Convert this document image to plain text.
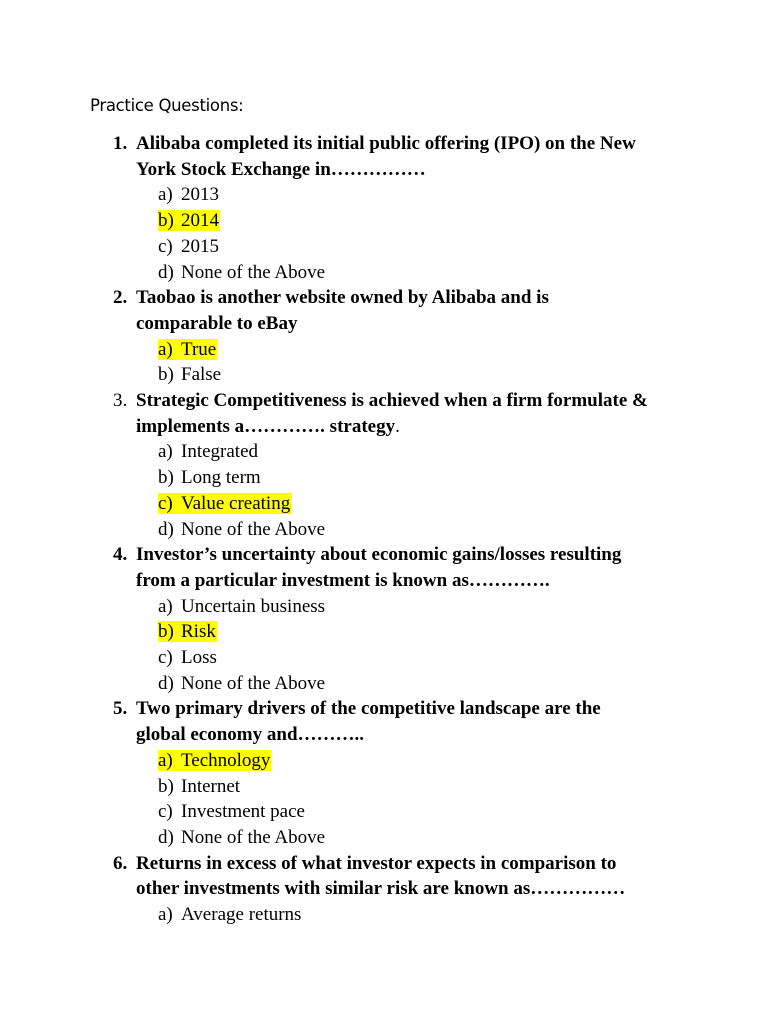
Practice Questions:
1. Alibaba completed its initial public offering (IPO) on the New
York Stock Exchange in……………
a) 2013
b) 2014
c) 2015
d) None of the Above
2. Taobao is another website owned by Alibaba and is
comparable to eBay
a) True
b) False
3. Strategic Competitiveness is achieved when a firm formulate &
implements a…………. strategy.
a) Integrated
b) Long term
c) Value creating
d) None of the Above
4. Investor’s uncertainty about economic gains/losses resulting
from a particular investment is known as………….
a) Uncertain business
b) Risk
c) Loss
d) None of the Above
5. Two primary drivers of the competitive landscape are the
global economy and………..
a) Technology
b) Internet
c) Investment pace
d) None of the Above
6. Returns in excess of what investor expects in comparison to
other investments with similar risk are known as……………
a) Average returns
